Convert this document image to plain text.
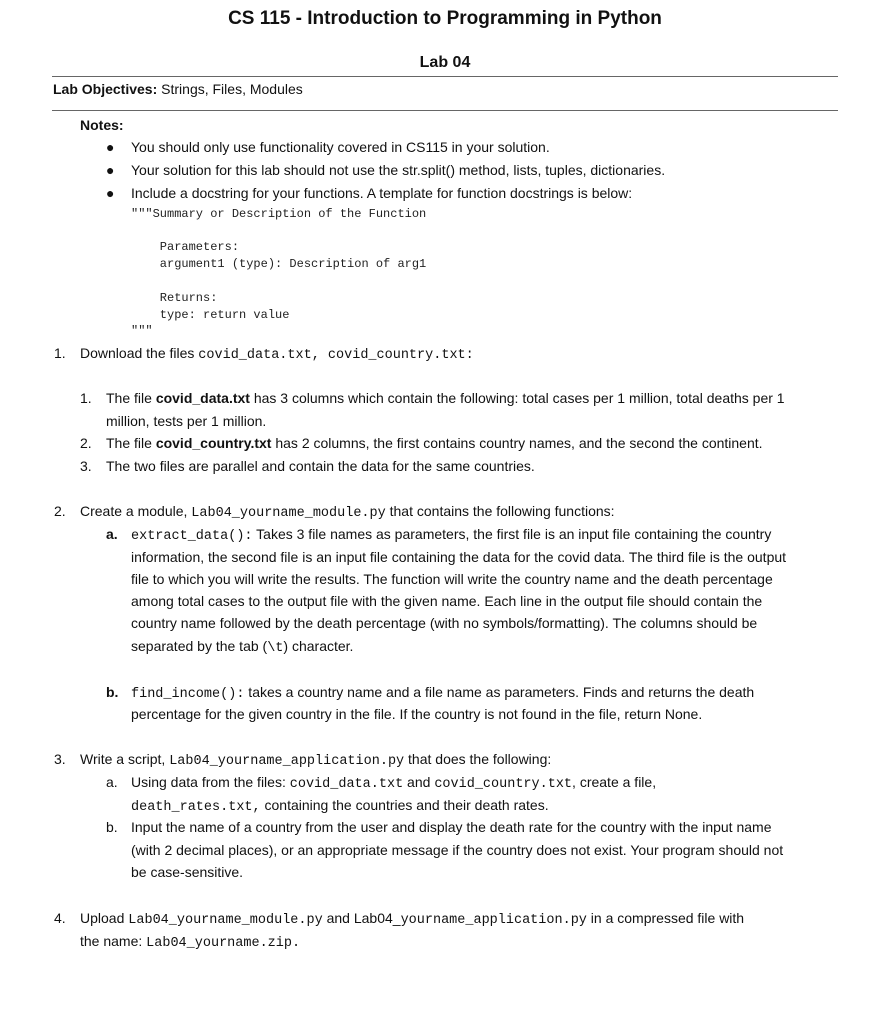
CS 115 - Introduction to Programming in Python
Lab 04
Lab Objectives: Strings, Files, Modules
Notes:
● You should only use functionality covered in CS115 in your solution.
● Your solution for this lab should not use the str.split() method, lists, tuples, dictionaries.
● Include a docstring for your functions. A template for function docstrings is below:
"""Summary or Description of the Function
Parameters:
argument1 (type): Description of arg1
Returns:
type: return value
"""
1. Download the files covid_data.txt, covid_country.txt:
1. The file covid_data.txt has 3 columns which contain the following: total cases per 1 million, total deaths per 1
million, tests per 1 million.
2. The file covid_country.txt has 2 columns, the first contains country names, and the second the continent.
3. The two files are parallel and contain the data for the same countries.
2. Create a module, Lab04_yourname_module.py that contains the following functions:
a. extract_data(): Takes 3 file names as parameters, the first file is an input file containing the country
information, the second file is an input file containing the data for the covid data. The third file is the output
file to which you will write the results. The function will write the country name and the death percentage
among total cases to the output file with the given name. Each line in the output file should contain the
country name followed by the death percentage (with no symbols/formatting). The columns should be
separated by the tab (\t) character.
b. find_income(): takes a country name and a file name as parameters. Finds and returns the death
percentage for the given country in the file. If the country is not found in the file, return None.
3. Write a script, Lab04_yourname_application.py that does the following:
a. Using data from the files: covid_data.txt and covid_country.txt, create a file,
death_rates.txt, containing the countries and their death rates.
b. Input the name of a country from the user and display the death rate for the country with the input name
(with 2 decimal places), or an appropriate message if the country does not exist. Your program should not
be case-sensitive.
4. Upload Lab04_yourname_module.py and Lab04_yourname_application.py in a compressed file with
the name: Lab04_yourname.zip.
